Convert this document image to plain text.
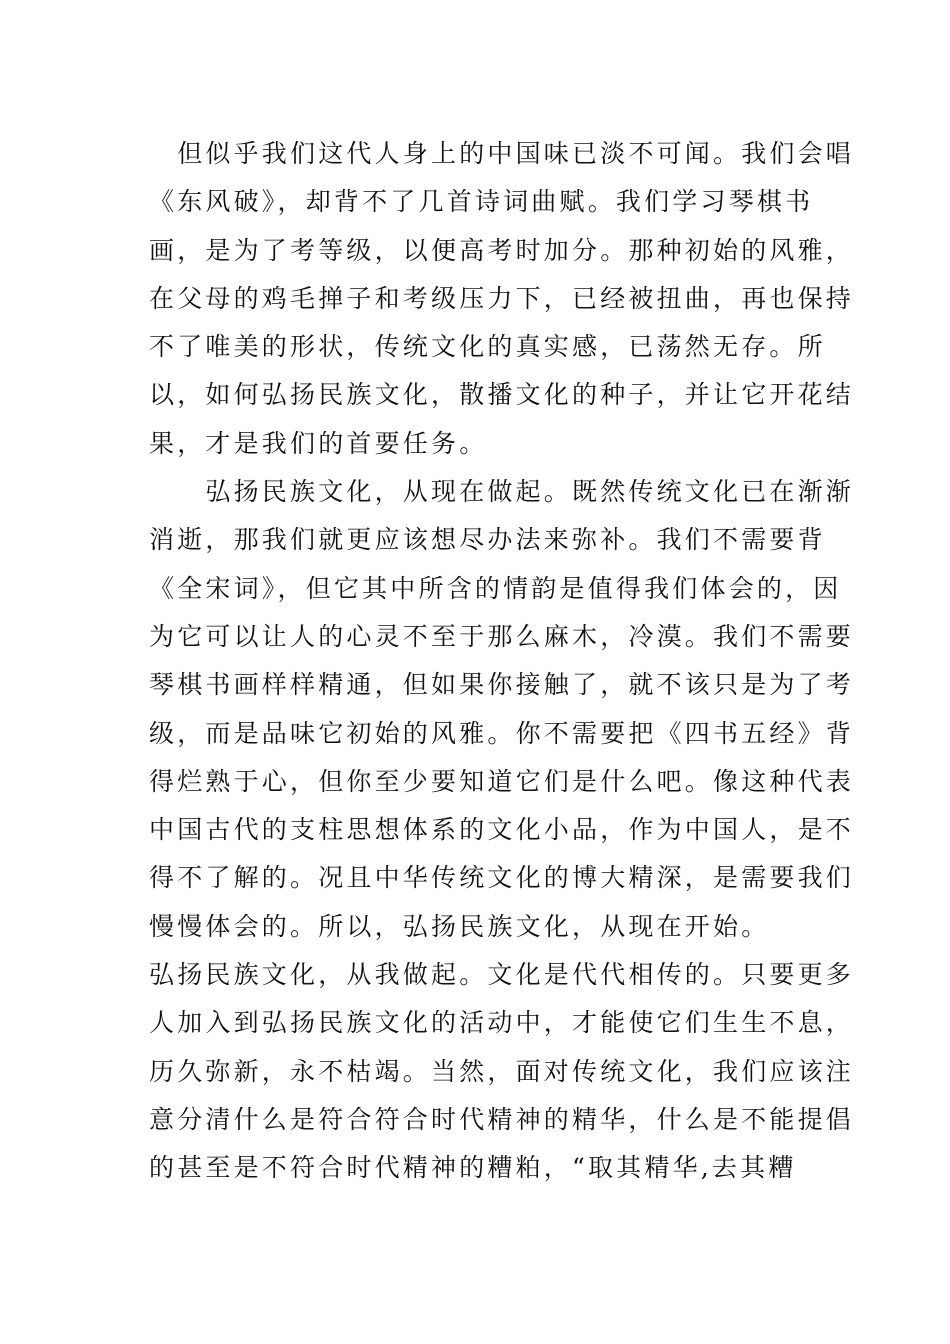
　但似乎我们这代人身上的中国味已淡不可闻。我们会唱
《东风破》，却背不了几首诗词曲赋。我们学习琴棋书
画，是为了考等级，以便高考时加分。那种初始的风雅，
在父母的鸡毛掸子和考级压力下，已经被扭曲，再也保持
不了唯美的形状，传统文化的真实感，已荡然无存。所
以，如何弘扬民族文化，散播文化的种子，并让它开花结
果，才是我们的首要任务。
　　弘扬民族文化，从现在做起。既然传统文化已在渐渐
消逝，那我们就更应该想尽办法来弥补。我们不需要背
《全宋词》，但它其中所含的情韵是值得我们体会的，因
为它可以让人的心灵不至于那么麻木，冷漠。我们不需要
琴棋书画样样精通，但如果你接触了，就不该只是为了考
级，而是品味它初始的风雅。你不需要把《四书五经》背
得烂熟于心，但你至少要知道它们是什么吧。像这种代表
中国古代的支柱思想体系的文化小品，作为中国人，是不
得不了解的。况且中华传统文化的博大精深，是需要我们
慢慢体会的。所以，弘扬民族文化，从现在开始。
弘扬民族文化，从我做起。文化是代代相传的。只要更多
人加入到弘扬民族文化的活动中，才能使它们生生不息，
历久弥新，永不枯竭。当然，面对传统文化，我们应该注
意分清什么是符合符合时代精神的精华，什么是不能提倡
的甚至是不符合时代精神的糟粕，“取其精华,去其糟
